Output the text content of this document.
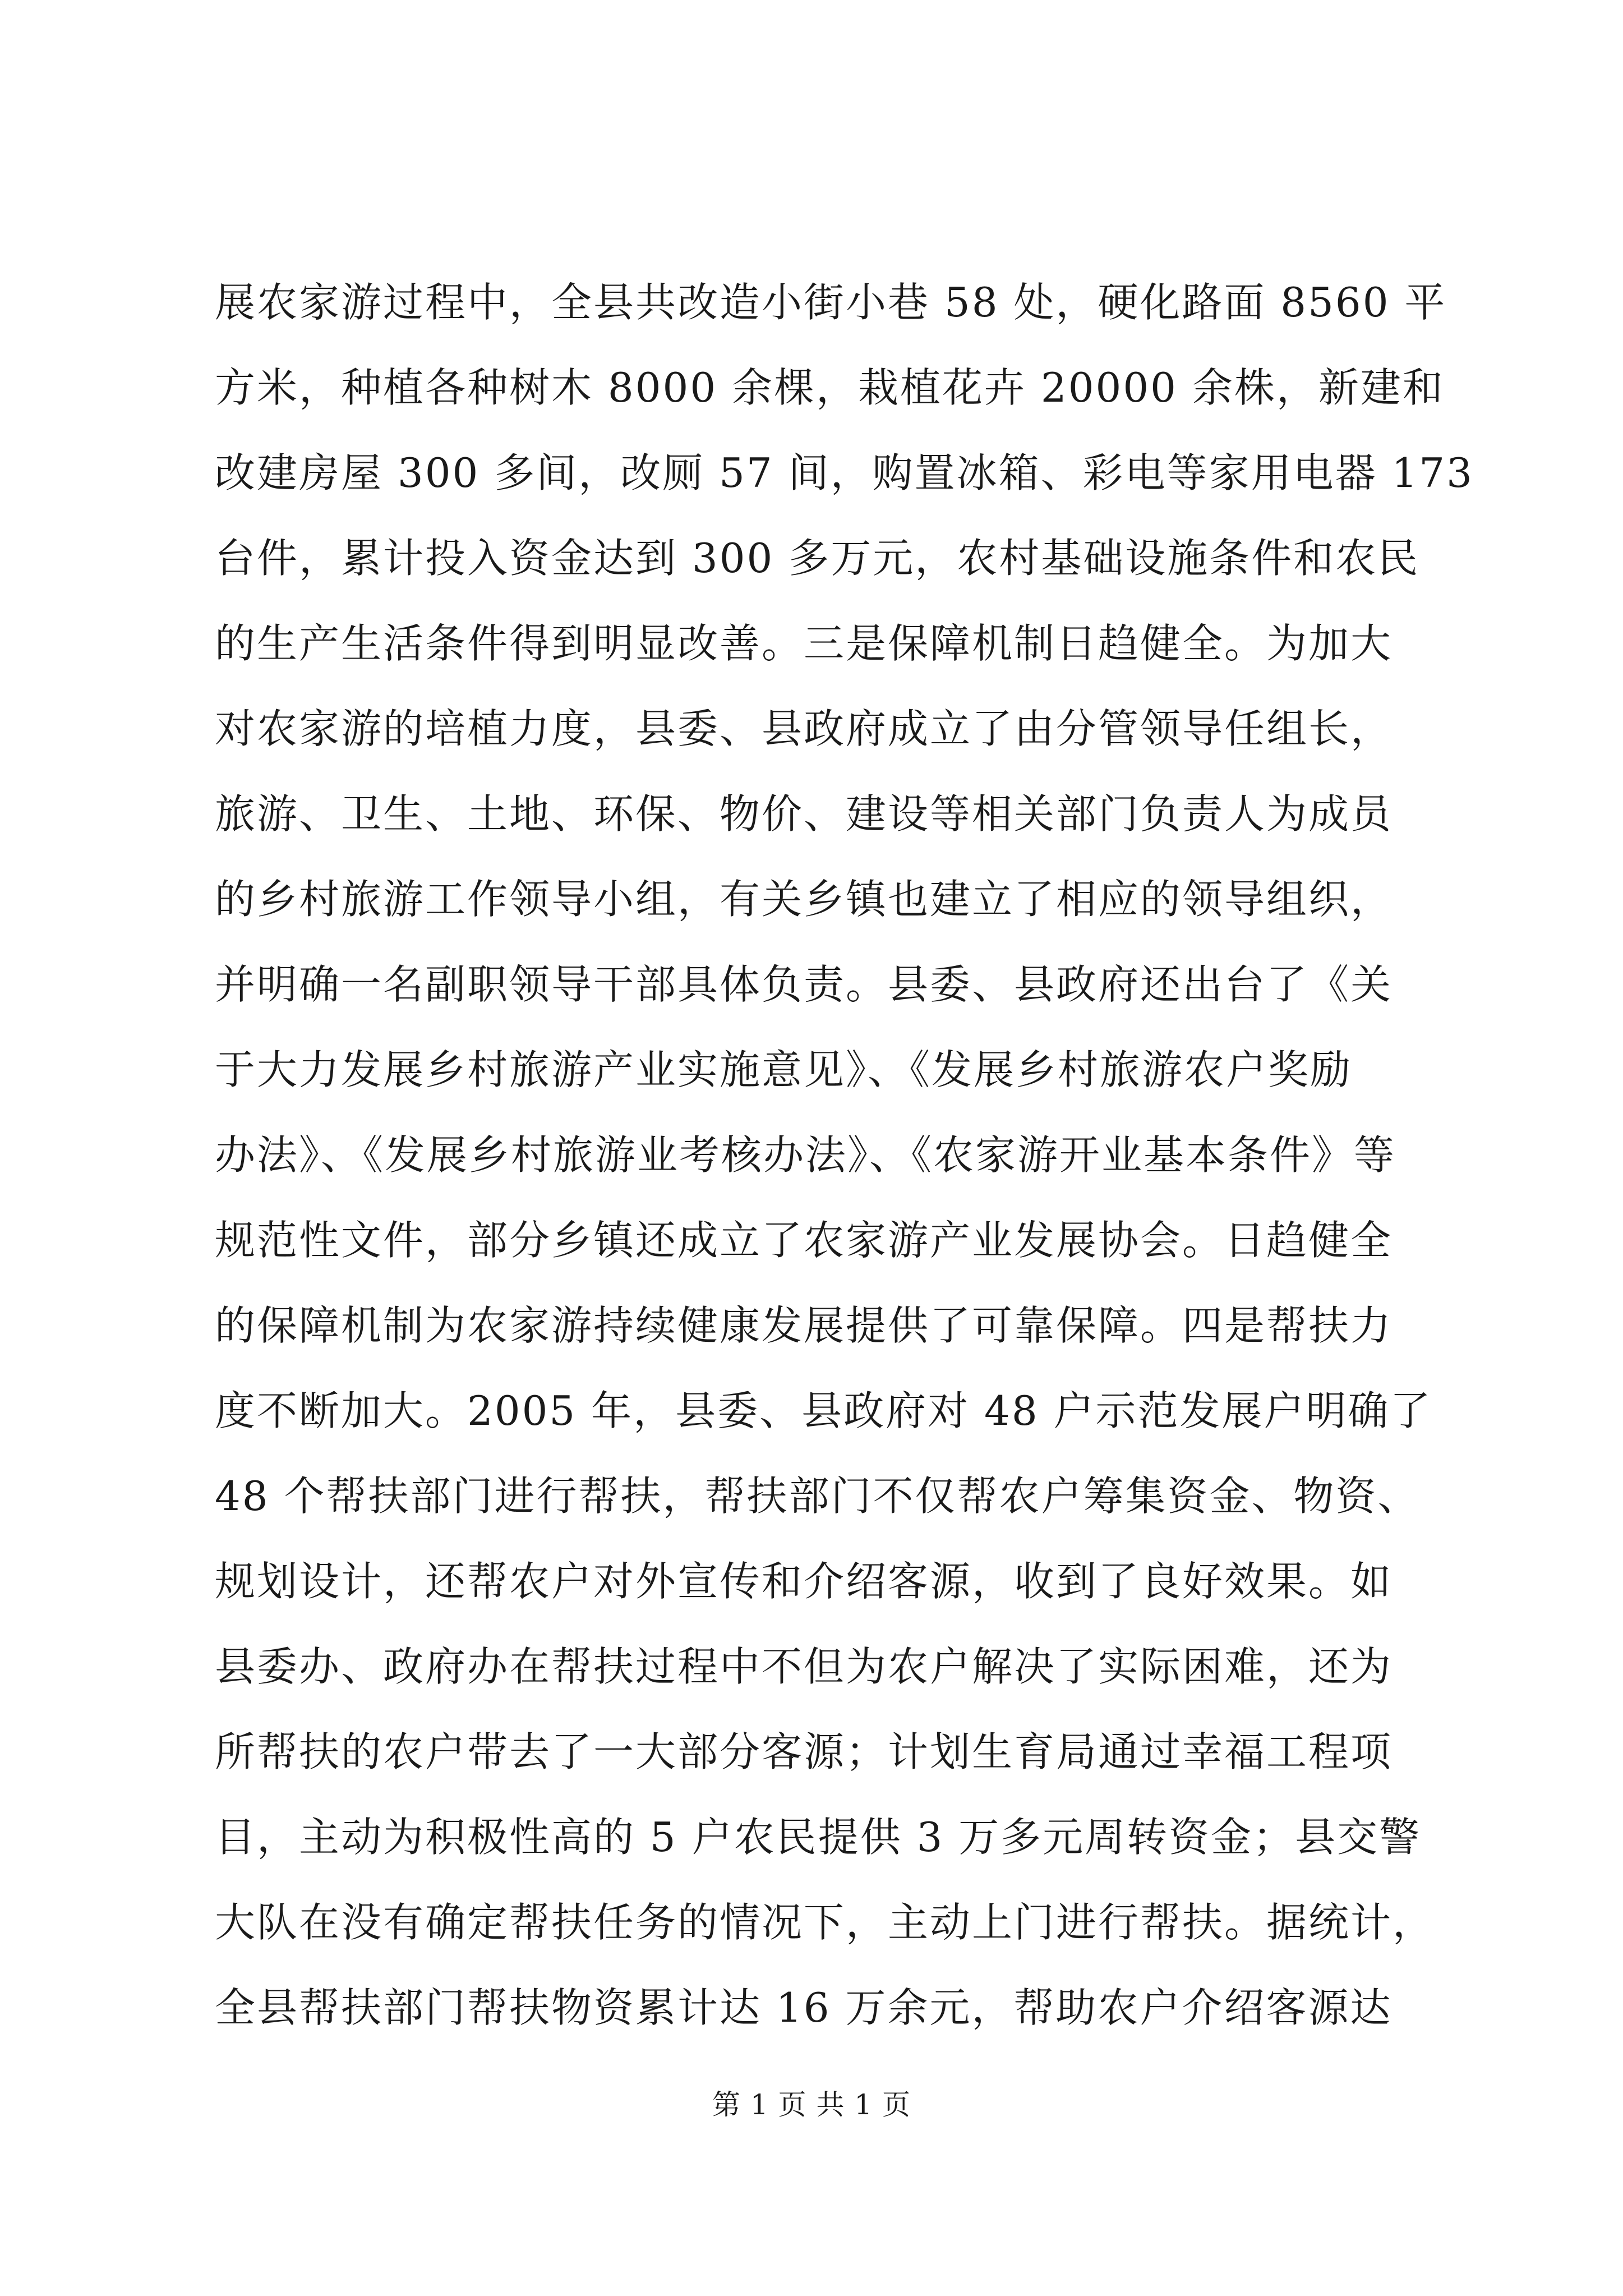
展农家游过程中，全县共改造小街小巷 58 处，硬化路面 8560 平
方米，种植各种树木 8000 余棵，栽植花卉 20000 余株，新建和
改建房屋 300 多间，改厕 57 间，购置冰箱、彩电等家用电器 173
台件，累计投入资金达到 300 多万元，农村基础设施条件和农民
的生产生活条件得到明显改善。三是保障机制日趋健全。为加大
对农家游的培植力度，县委、县政府成立了由分管领导任组长，
旅游、卫生、土地、环保、物价、建设等相关部门负责人为成员
的乡村旅游工作领导小组，有关乡镇也建立了相应的领导组织，
并明确一名副职领导干部具体负责。县委、县政府还出台了《关
于大力发展乡村旅游产业实施意见》、《发展乡村旅游农户奖励
办法》、《发展乡村旅游业考核办法》、《农家游开业基本条件》等
规范性文件，部分乡镇还成立了农家游产业发展协会。日趋健全
的保障机制为农家游持续健康发展提供了可靠保障。四是帮扶力
度不断加大。2005 年，县委、县政府对 48 户示范发展户明确了
48 个帮扶部门进行帮扶，帮扶部门不仅帮农户筹集资金、物资、
规划设计，还帮农户对外宣传和介绍客源，收到了良好效果。如
县委办、政府办在帮扶过程中不但为农户解决了实际困难，还为
所帮扶的农户带去了一大部分客源；计划生育局通过幸福工程项
目，主动为积极性高的 5 户农民提供 3 万多元周转资金；县交警
大队在没有确定帮扶任务的情况下，主动上门进行帮扶。据统计，
全县帮扶部门帮扶物资累计达 16 万余元，帮助农户介绍客源达
第 1 页 共 1 页
